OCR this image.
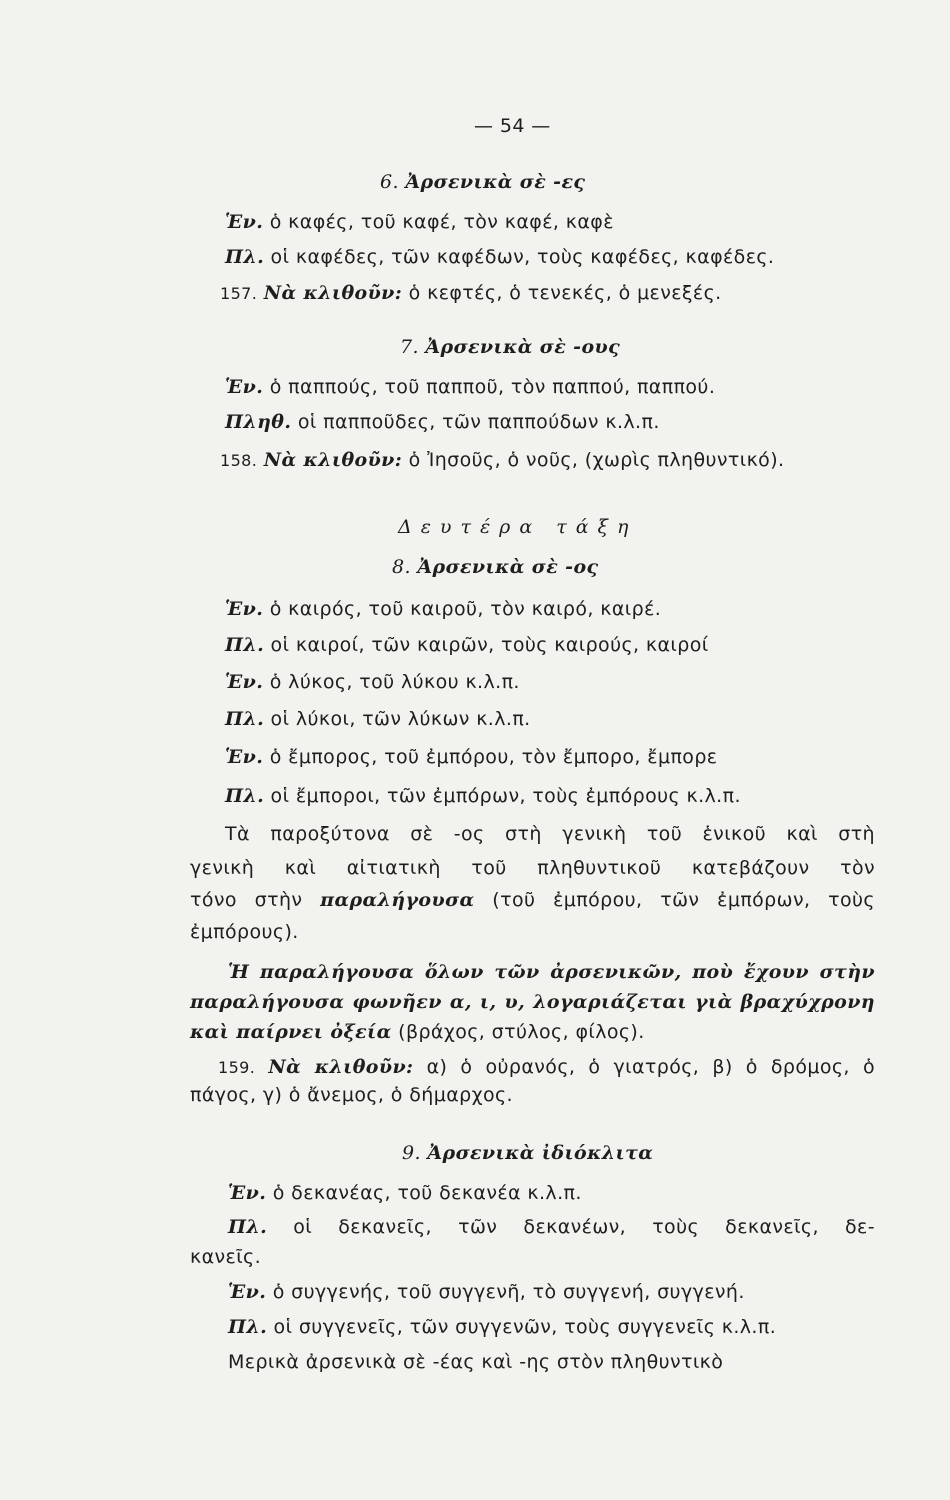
— 54 —
6. Ἀρσενικὰ σὲ -ες
Ἑν. ὁ καφές, τοῦ καφέ, τὸν καφέ, καφὲ
Πλ. οἱ καφέδες, τῶν καφέδων, τοὺς καφέδες, καφέδες.
157. Νὰ κλιθοῦν: ὁ κεφτές, ὁ τενεκές, ὁ μενεξές.
7. Ἀρσενικὰ σὲ -ους
Ἑν. ὁ παππούς, τοῦ παπποῦ, τὸν παππού, παππού.
Πληθ. οἱ παπποῦδες, τῶν παππούδων κ.λ.π.
158. Νὰ κλιθοῦν: ὁ Ἰησοῦς, ὁ νοῦς, (χωρὶς πληθυντικό).
Δευτέρα τάξη
8. Ἀρσενικὰ σὲ -ος
Ἑν. ὁ καιρός, τοῦ καιροῦ, τὸν καιρό, καιρέ.
Πλ. οἱ καιροί, τῶν καιρῶν, τοὺς καιρούς, καιροί
Ἑν. ὁ λύκος, τοῦ λύκου κ.λ.π.
Πλ. οἱ λύκοι, τῶν λύκων κ.λ.π.
Ἑν. ὁ ἔμπορος, τοῦ ἐμπόρου, τὸν ἔμπορο, ἔμπορε
Πλ. οἱ ἔμποροι, τῶν ἐμπόρων, τοὺς ἐμπόρους κ.λ.π.
Τὰ παροξύτονα σὲ -ος στὴ γενικὴ τοῦ ἑνικοῦ καὶ στὴ
γενικὴ καὶ αἰτιατικὴ τοῦ πληθυντικοῦ κατεβάζουν τὸν
τόνο στὴν παραλήγουσα (τοῦ ἐμπόρου, τῶν ἐμπόρων, τοὺς
ἐμπόρους).
Ἡ παραλήγουσα ὅλων τῶν ἀρσενικῶν, ποὺ ἔχουν στὴν
παραλήγουσα φωνῆεν α, ι, υ, λογαριάζεται γιὰ βραχύχρονη
καὶ παίρνει ὀξεία (βράχος, στύλος, φίλος).
159. Νὰ κλιθοῦν: α) ὁ οὐρανός, ὁ γιατρός, β) ὁ δρόμος, ὁ
πάγος, γ) ὁ ἄνεμος, ὁ δήμαρχος.
9. Ἀρσενικὰ ἰδιόκλιτα
Ἑν. ὁ δεκανέας, τοῦ δεκανέα κ.λ.π.
Πλ. οἱ δεκανεῖς, τῶν δεκανέων, τοὺς δεκανεῖς, δε-
κανεῖς.
Ἑν. ὁ συγγενής, τοῦ συγγενῆ, τὸ συγγενή, συγγενή.
Πλ. οἱ συγγενεῖς, τῶν συγγενῶν, τοὺς συγγενεῖς κ.λ.π.
Μερικὰ ἀρσενικὰ σὲ -έας καὶ -ης στὸν πληθυντικὸ
